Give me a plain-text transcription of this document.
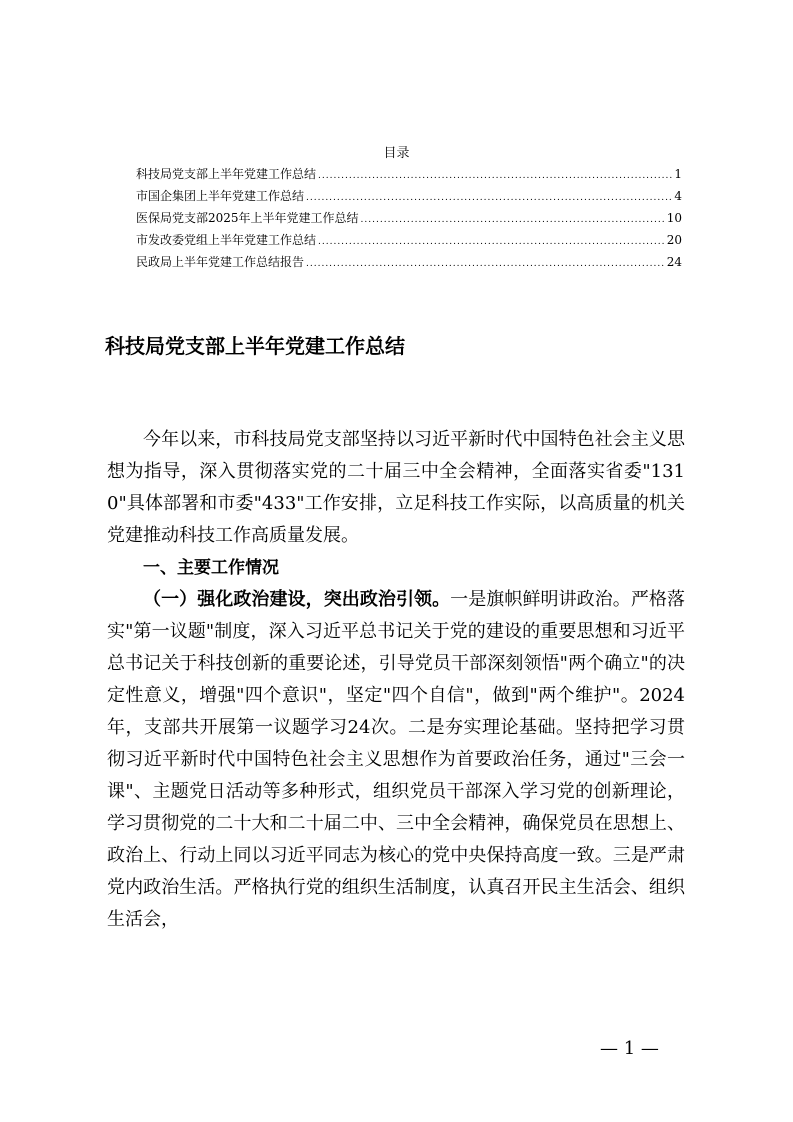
目录
科技局党支部上半年党建工作总结 .....	1
市国企集团上半年党建工作总结 .....	4
医保局党支部2025年上半年党建工作总结 .....	10
市发改委党组上半年党建工作总结 .....	20
民政局上半年党建工作总结报告 .....	24
科技局党支部上半年党建工作总结

今年以来，市科技局党支部坚持以习近平新时代中国特色社会主义思想为指导，深入贯彻落实党的二十届三中全会精神，全面落实省委"1310"具体部署和市委"433"工作安排，立足科技工作实际，以高质量的机关党建推动科技工作高质量发展。

一、主要工作情况

（一）强化政治建设，突出政治引领。一是旗帜鲜明讲政治。严格落实"第一议题"制度，深入习近平总书记关于党的建设的重要思想和习近平总书记关于科技创新的重要论述，引导党员干部深刻领悟"两个确立"的决定性意义，增强"四个意识"，坚定"四个自信"，做到"两个维护"。2024年，支部共开展第一议题学习24次。二是夯实理论基础。坚持把学习贯彻习近平新时代中国特色社会主义思想作为首要政治任务，通过"三会一课"、主题党日活动等多种形式，组织党员干部深入学习党的创新理论，学习贯彻党的二十大和二十届二中、三中全会精神，确保党员在思想上、政治上、行动上同以习近平同志为核心的党中央保持高度一致。三是严肃党内政治生活。严格执行党的组织生活制度，认真召开民主生活会、组织生活会，

— 1 —
